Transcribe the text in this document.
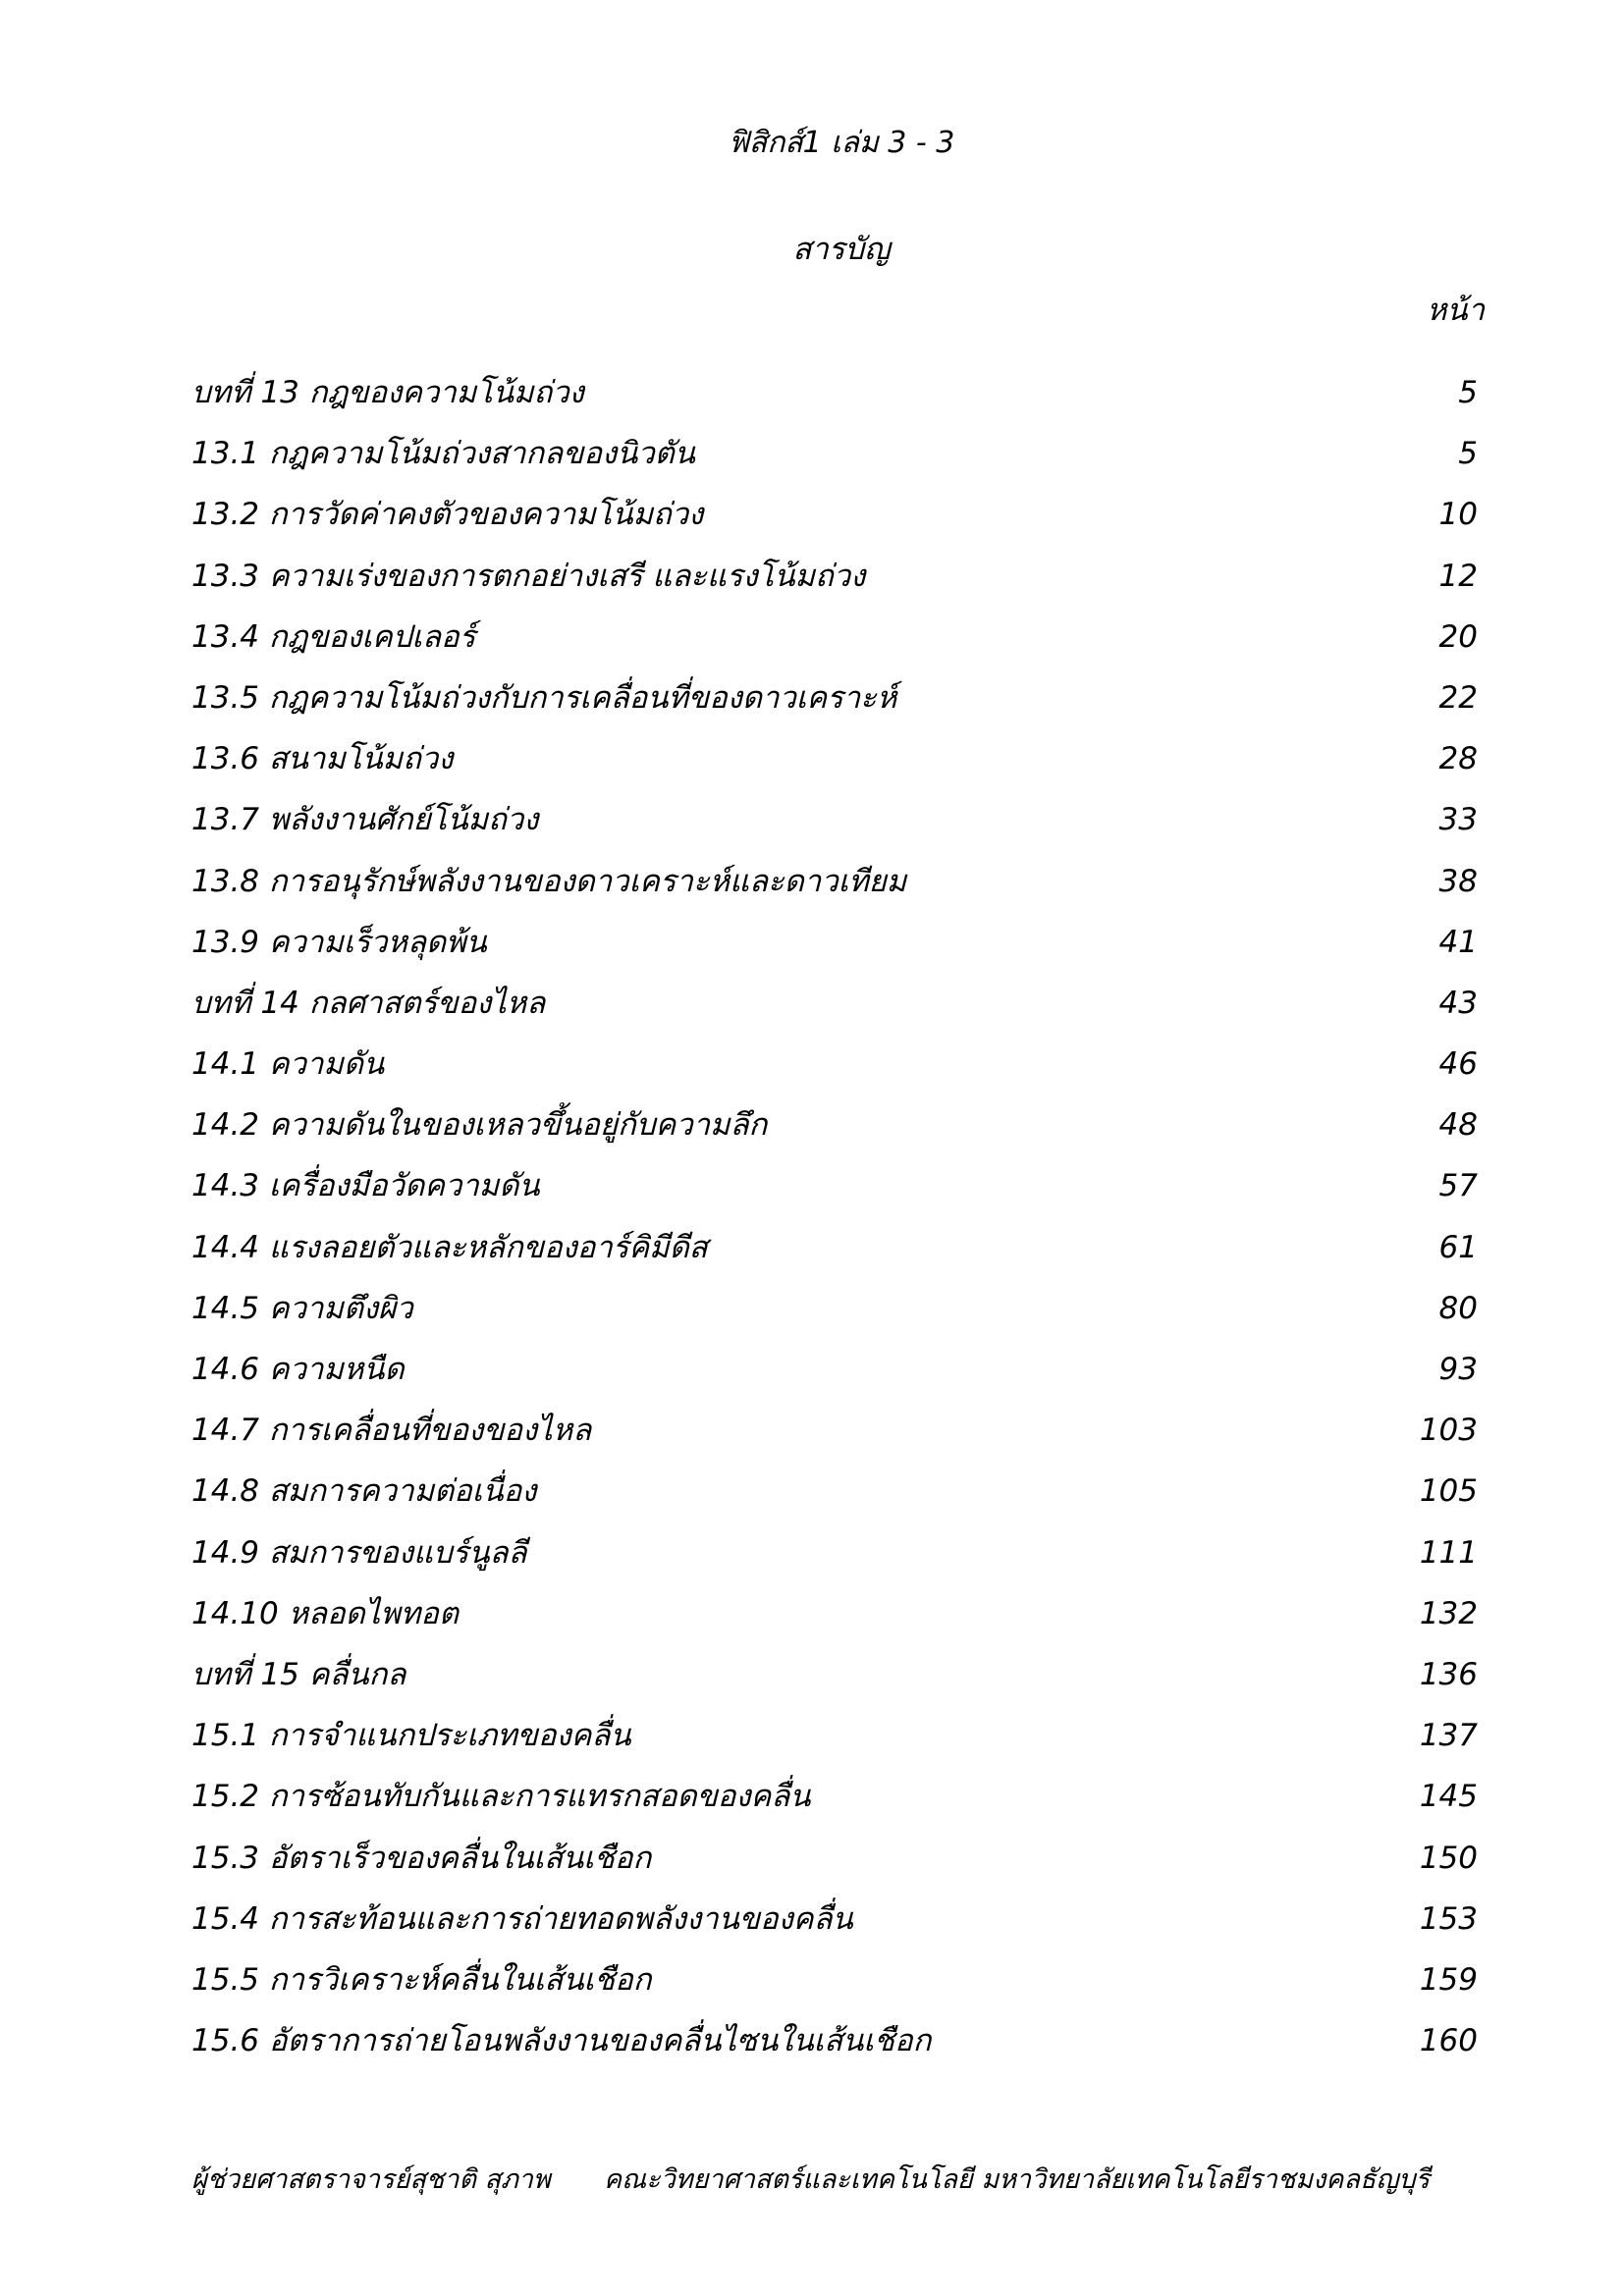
ฟิสิกส์1 เล่ม 3 - 3
สารบัญ
หน้า
บทที่ 13 กฎของความโน้มถ่วง	5
13.1 กฎความโน้มถ่วงสากลของนิวตัน	5
13.2 การวัดค่าคงตัวของความโน้มถ่วง	10
13.3 ความเร่งของการตกอย่างเสรี และแรงโน้มถ่วง	12
13.4 กฎของเคปเลอร์	20
13.5 กฎความโน้มถ่วงกับการเคลื่อนที่ของดาวเคราะห์	22
13.6 สนามโน้มถ่วง	28
13.7 พลังงานศักย์โน้มถ่วง	33
13.8 การอนุรักษ์พลังงานของดาวเคราะห์และดาวเทียม	38
13.9 ความเร็วหลุดพ้น	41
บทที่ 14 กลศาสตร์ของไหล	43
14.1 ความดัน	46
14.2 ความดันในของเหลวขึ้นอยู่กับความลึก	48
14.3 เครื่องมือวัดความดัน	57
14.4 แรงลอยตัวและหลักของอาร์คิมีดีส	61
14.5 ความตึงผิว	80
14.6 ความหนืด	93
14.7 การเคลื่อนที่ของของไหล	103
14.8 สมการความต่อเนื่อง	105
14.9 สมการของแบร์นูลลี	111
14.10 หลอดไพทอต	132
บทที่ 15 คลื่นกล	136
15.1 การจำแนกประเภทของคลื่น	137
15.2 การซ้อนทับกันและการแทรกสอดของคลื่น	145
15.3 อัตราเร็วของคลื่นในเส้นเชือก	150
15.4 การสะท้อนและการถ่ายทอดพลังงานของคลื่น	153
15.5 การวิเคราะห์คลื่นในเส้นเชือก	159
15.6 อัตราการถ่ายโอนพลังงานของคลื่นไซนในเส้นเชือก	160
ผู้ช่วยศาสตราจารย์สุชาติ สุภาพ คณะวิทยาศาสตร์และเทคโนโลยี มหาวิทยาลัยเทคโนโลยีราชมงคลธัญบุรี
